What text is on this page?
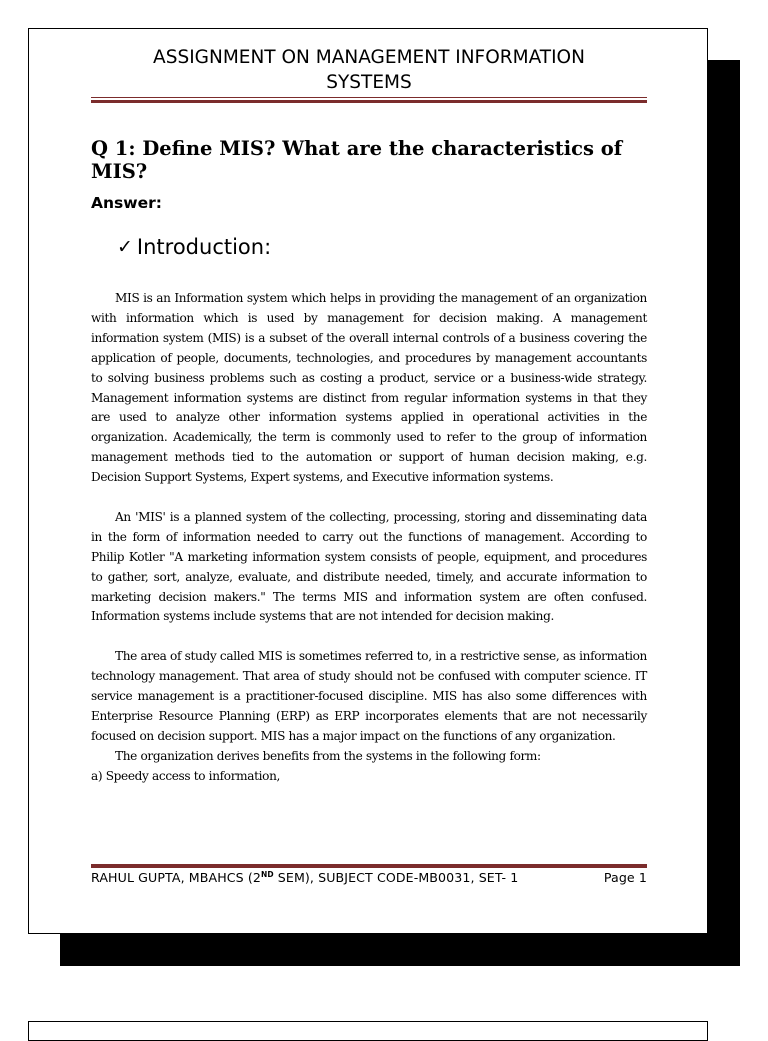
ASSIGNMENT ON MANAGEMENT INFORMATION
SYSTEMS
Q 1: Define MIS? What are the characteristics of MIS?
Answer:
✓ Introduction:

MIS is an Information system which helps in providing the management of an organization with information which is used by management for decision making. A management information system (MIS) is a subset of the overall internal controls of a business covering the application of people, documents, technologies, and procedures by management accountants to solving business problems such as costing a product, service or a business-wide strategy. Management information systems are distinct from regular information systems in that they are used to analyze other information systems applied in operational activities in the organization. Academically, the term is commonly used to refer to the group of information management methods tied to the automation or support of human decision making, e.g. Decision Support Systems, Expert systems, and Executive information systems.

An 'MIS' is a planned system of the collecting, processing, storing and disseminating data in the form of information needed to carry out the functions of management. According to Philip Kotler "A marketing information system consists of people, equipment, and procedures to gather, sort, analyze, evaluate, and distribute needed, timely, and accurate information to marketing decision makers." The terms MIS and information system are often confused. Information systems include systems that are not intended for decision making.

The area of study called MIS is sometimes referred to, in a restrictive sense, as information technology management. That area of study should not be confused with computer science. IT service management is a practitioner-focused discipline. MIS has also some differences with Enterprise Resource Planning (ERP) as ERP incorporates elements that are not necessarily focused on decision support. MIS has a major impact on the functions of any organization.

The organization derives benefits from the systems in the following form:

a) Speedy access to information,

RAHUL GUPTA, MBAHCS (2ND SEM), SUBJECT CODE-MB0031, SET- 1	Page 1
